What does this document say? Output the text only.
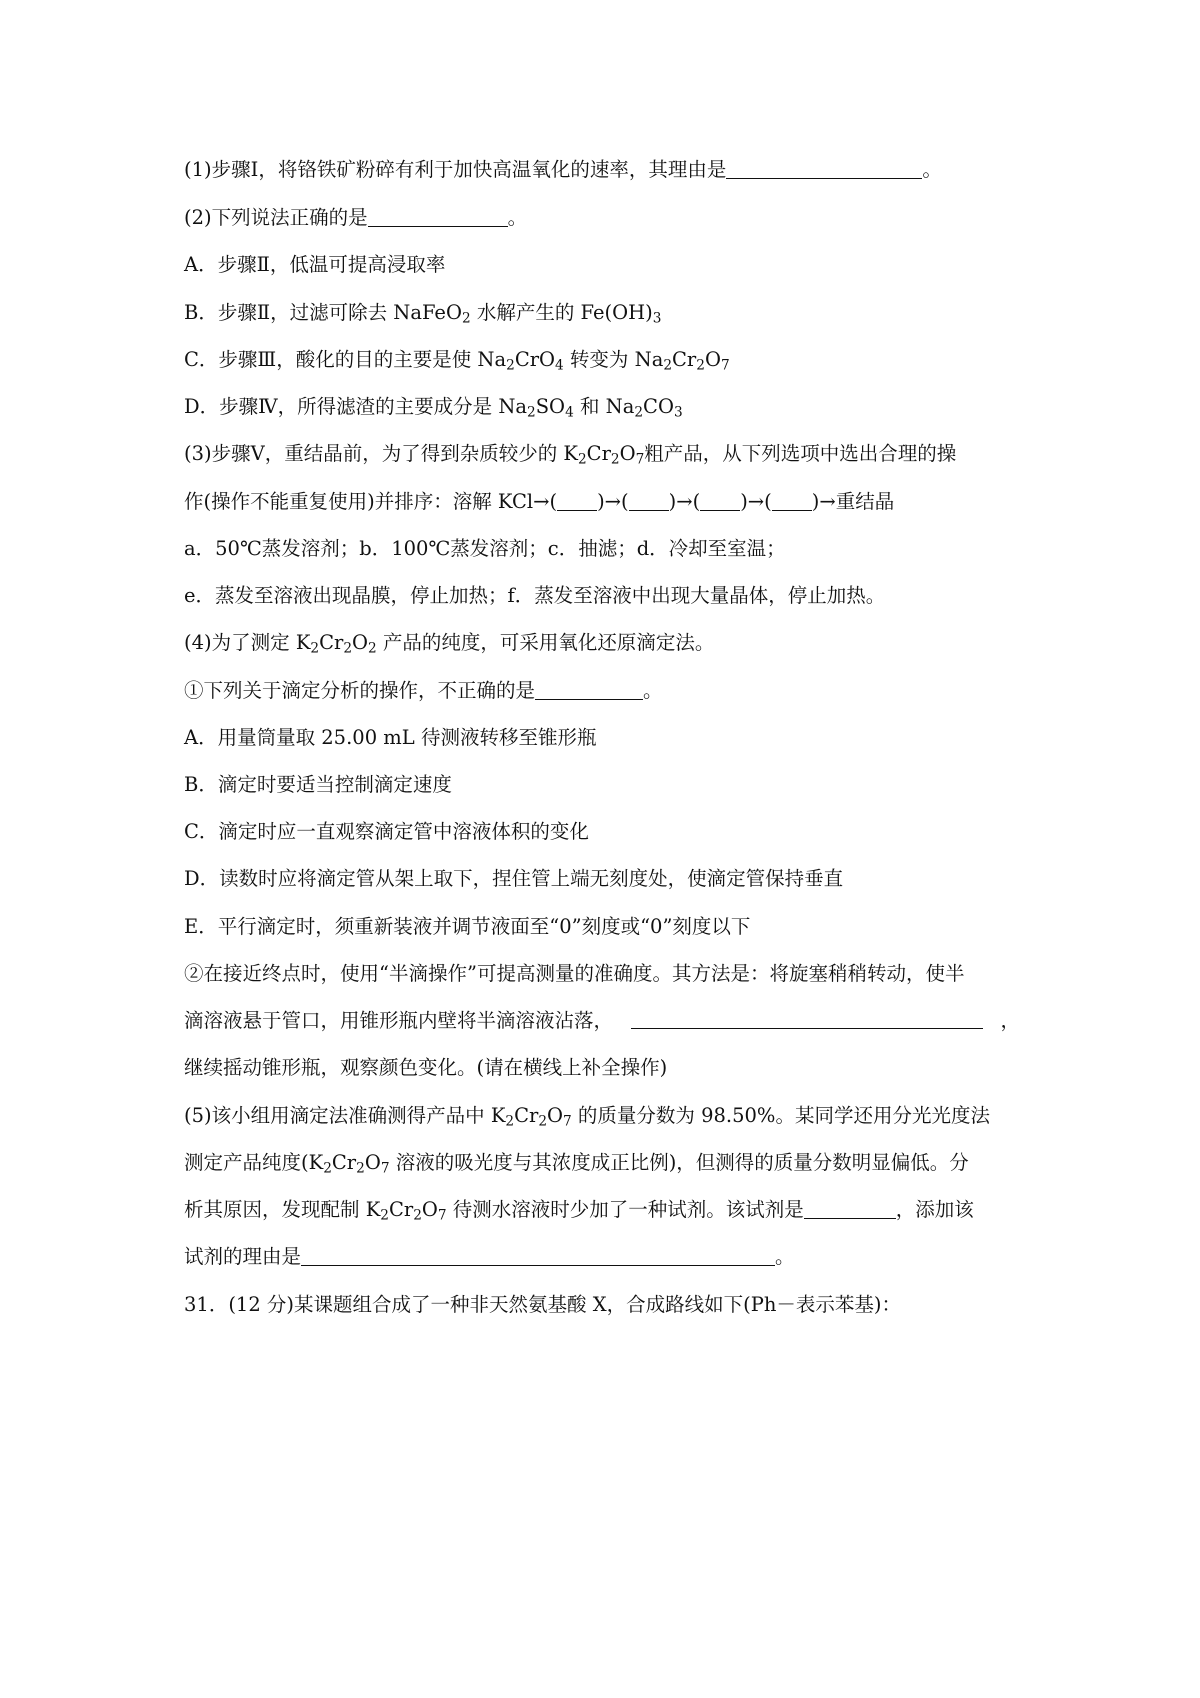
(1)步骤Ⅰ，将铬铁矿粉碎有利于加快高温氧化的速率，其理由是	。
(2)下列说法正确的是	。
A．步骤Ⅱ，低温可提高浸取率
B．步骤Ⅱ，过滤可除去 NaFeO$_2$ 水解产生的 $Fe(OH)_3$
C．步骤Ⅲ，酸化的目的主要是使 $Na_2CrO_4$ 转变为 $Na_2Cr_2O_7$
D．步骤Ⅳ，所得滤渣的主要成分是 $Na_2SO_4$ 和 $Na_2CO_3$
(3)步骤Ⅴ，重结晶前，为了得到杂质较少的 $K_2Cr_2O_7$粗产品，从下列选项中选出合理的操
作(操作不能重复使用)并排序：溶解 KCl→( )→( )→( )→( )→重结晶
a．50℃蒸发溶剂；b．100℃蒸发溶剂；c．抽滤；d．冷却至室温；
e．蒸发至溶液出现晶膜，停止加热；f．蒸发至溶液中出现大量晶体，停止加热。
(4)为了测定 $K_2Cr_2O_2$ 产品的纯度，可采用氧化还原滴定法。
①下列关于滴定分析的操作，不正确的是	。
A．用量筒量取 25.00 mL 待测液转移至锥形瓶
B．滴定时要适当控制滴定速度
C．滴定时应一直观察滴定管中溶液体积的变化
D．读数时应将滴定管从架上取下，捏住管上端无刻度处，使滴定管保持垂直
E．平行滴定时，须重新装液并调节液面至“0”刻度或“0”刻度以下
②在接近终点时，使用“半滴操作”可提高测量的准确度。其方法是：将旋塞稍稍转动，使半
滴溶液悬于管口，用锥形瓶内壁将半滴溶液沾落，	，
继续摇动锥形瓶，观察颜色变化。(请在横线上补全操作)
(5)该小组用滴定法准确测得产品中 $K_2Cr_2O_7$ 的质量分数为 98.50%。某同学还用分光光度法
测定产品纯度($K_2Cr_2O_7$ 溶液的吸光度与其浓度成正比例)，但测得的质量分数明显偏低。分
析其原因，发现配制 $K_2Cr_2O_7$ 待测水溶液时少加了一种试剂。该试剂是	，添加该
试剂的理由是	。
31．(12 分)某课题组合成了一种非天然氨基酸 X，合成路线如下(Ph－表示苯基)：
